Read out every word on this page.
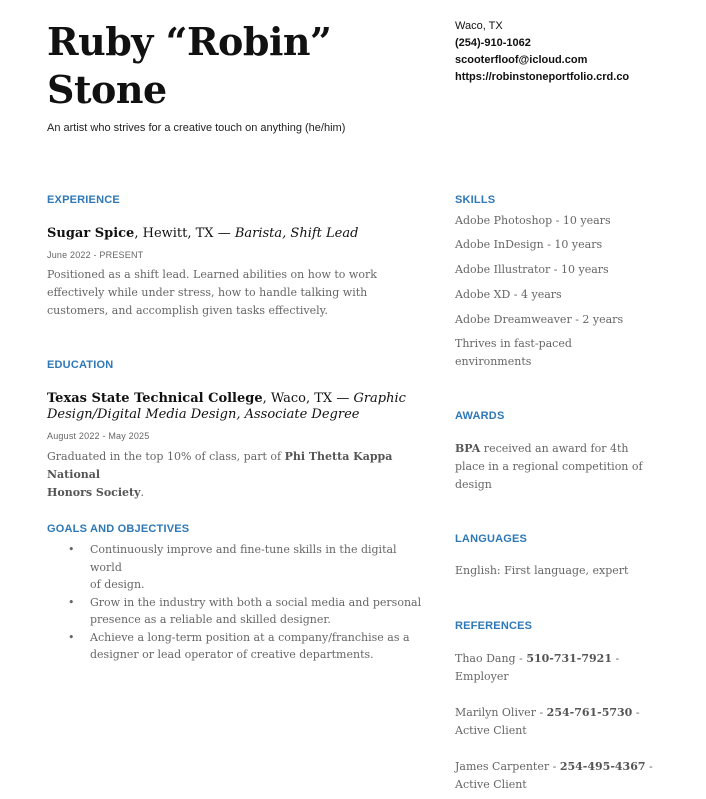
Ruby “Robin”
Stone
An artist who strives for a creative touch on anything (he/him)
Waco, TX
(254)-910-1062
scooterfloof@icloud.com
https://robinstoneportfolio.crd.co
EXPERIENCE
Sugar Spice, Hewitt, TX — Barista, Shift Lead
June 2022 - PRESENT
Positioned as a shift lead. Learned abilities on how to work effectively while under stress, how to handle talking with customers, and accomplish given tasks effectively.
EDUCATION
Texas State Technical College, Waco, TX — Graphic
Design/Digital Media Design, Associate Degree
August 2022 - May 2025
Graduated in the top 10% of class, part of Phi Thetta Kappa National
Honors Society.
GOALS AND OBJECTIVES
• Continuously improve and fine-tune skills in the digital world
of design.
• Grow in the industry with both a social media and personal
presence as a reliable and skilled designer.
• Achieve a long-term position at a company/franchise as a
designer or lead operator of creative departments.
SKILLS
Adobe Photoshop - 10 years
Adobe InDesign - 10 years
Adobe Illustrator - 10 years
Adobe XD - 4 years
Adobe Dreamweaver - 2 years
Thrives in fast-paced
environments
AWARDS
BPA received an award for 4th
place in a regional competition of
design
LANGUAGES
English: First language, expert
REFERENCES
Thao Dang - 510-731-7921 -
Employer
Marilyn Oliver - 254-761-5730 -
Active Client
James Carpenter - 254-495-4367 -
Active Client
